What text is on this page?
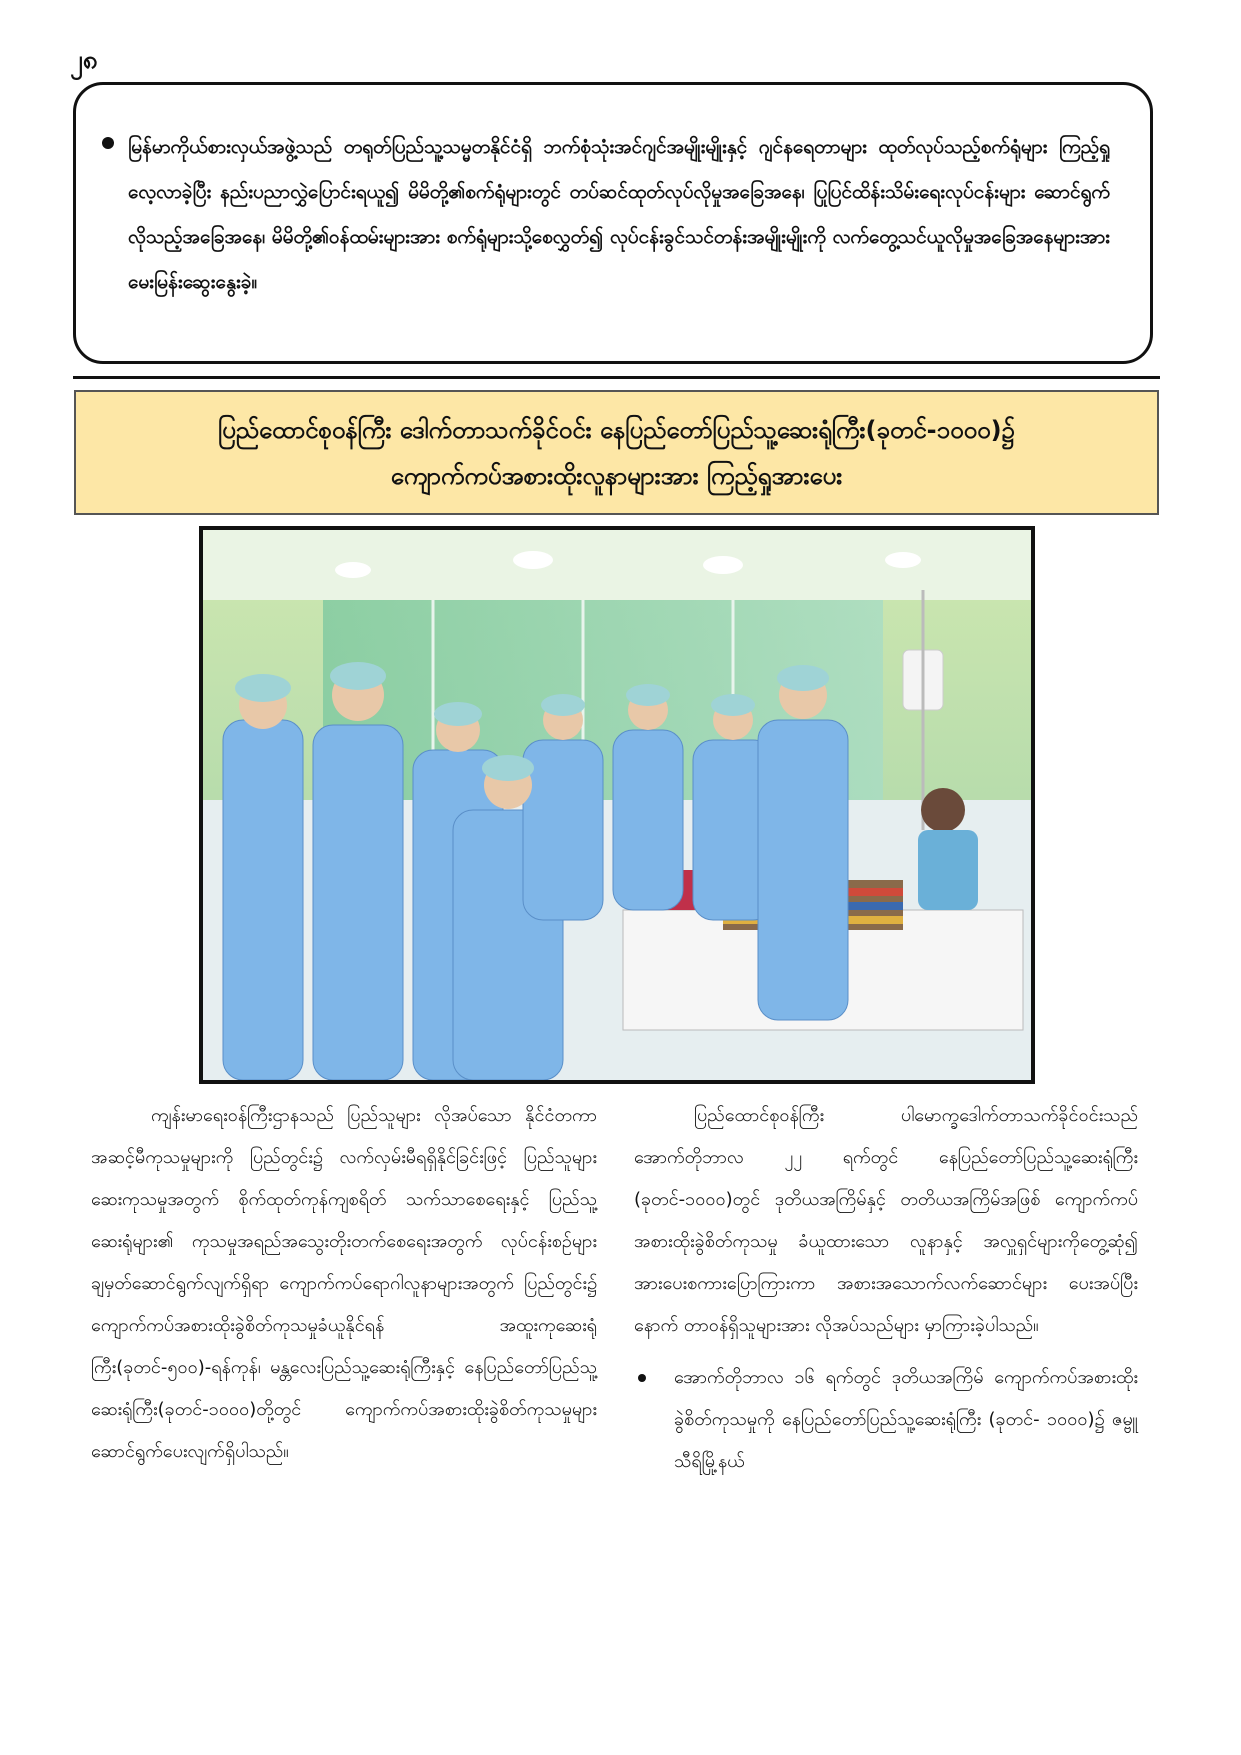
၂၈
မြန်မာကိုယ်စားလှယ်အဖွဲ့သည် တရုတ်ပြည်သူ့သမ္မတနိုင်ငံရှိ ဘက်စုံသုံးအင်ဂျင်အမျိုးမျိုးနှင့် ဂျင်နရေတာများ ထုတ်လုပ်သည့်စက်ရုံများ ကြည့်ရှုလေ့လာခဲ့ပြီး နည်းပညာလွှဲပြောင်းရယူ၍ မိမိတို့၏စက်ရုံများတွင် တပ်ဆင်ထုတ်လုပ်လိုမှုအခြေအနေ၊ ပြုပြင်ထိန်းသိမ်းရေးလုပ်ငန်းများ ဆောင်ရွက်လိုသည့်အခြေအနေ၊ မိမိတို့၏ဝန်ထမ်းများအား စက်ရုံများသို့စေလွှတ်၍ လုပ်ငန်းခွင်သင်တန်းအမျိုးမျိုးကို လက်တွေ့သင်ယူလိုမှုအခြေအနေများအား မေးမြန်းဆွေးနွေးခဲ့။
ပြည်ထောင်စုဝန်ကြီး ဒေါက်တာသက်ခိုင်ဝင်း နေပြည်တော်ပြည်သူ့ဆေးရုံကြီး(ခုတင်-၁၀၀၀)၌
ကျောက်ကပ်အစားထိုးလူနာများအား ကြည့်ရှုအားပေး

ကျန်းမာရေးဝန်ကြီးဌာနသည် ပြည်သူများ လိုအပ်သော နိုင်ငံတကာအဆင့်မီကုသမှုများကို ပြည်တွင်း၌ လက်လှမ်းမီရရှိနိုင်ခြင်းဖြင့် ပြည်သူများဆေးကုသမှုအတွက် စိုက်ထုတ်ကုန်ကျစရိတ် သက်သာစေရေးနှင့် ပြည်သူ့ဆေးရုံများ၏ ကုသမှုအရည်အသွေးတိုးတက်စေရေးအတွက် လုပ်ငန်းစဉ်များ ချမှတ်ဆောင်ရွက်လျက်ရှိရာ ကျောက်ကပ်ရောဂါလူနာများအတွက် ပြည်တွင်း၌ ကျောက်ကပ်အစားထိုးခွဲစိတ်ကုသမှုခံယူနိုင်ရန် အထူးကုဆေးရုံကြီး(ခုတင်-၅၀၀)-ရန်ကုန်၊ မန္တလေးပြည်သူ့ဆေးရုံကြီးနှင့် နေပြည်တော်ပြည်သူ့ဆေးရုံကြီး(ခုတင်-၁၀၀၀)တို့တွင် ကျောက်ကပ်အစားထိုးခွဲစိတ်ကုသမှုများ ဆောင်ရွက်ပေးလျက်ရှိပါသည်။

ပြည်ထောင်စုဝန်ကြီး ပါမောက္ခဒေါက်တာသက်ခိုင်ဝင်းသည် အောက်တိုဘာလ ၂၂ ရက်တွင် နေပြည်တော်ပြည်သူ့ဆေးရုံကြီး (ခုတင်-၁၀၀၀)တွင် ဒုတိယအကြိမ်နှင့် တတိယအကြိမ်အဖြစ် ကျောက်ကပ်အစားထိုးခွဲစိတ်ကုသမှု ခံယူထားသော လူနာနှင့် အလှူရှင်များကိုတွေ့ဆုံ၍ အားပေးစကားပြောကြားကာ အစားအသောက်လက်ဆောင်များ ပေးအပ်ပြီးနောက် တာဝန်ရှိသူများအား လိုအပ်သည်များ မှာကြားခဲ့ပါသည်။

အောက်တိုဘာလ ၁၆ ရက်တွင် ဒုတိယအကြိမ် ကျောက်ကပ်အစားထိုးခွဲစိတ်ကုသမှုကို နေပြည်တော်ပြည်သူ့ဆေးရုံကြီး (ခုတင်- ၁၀၀၀)၌ ဇမ္ဗူသီရိမြို့နယ်
